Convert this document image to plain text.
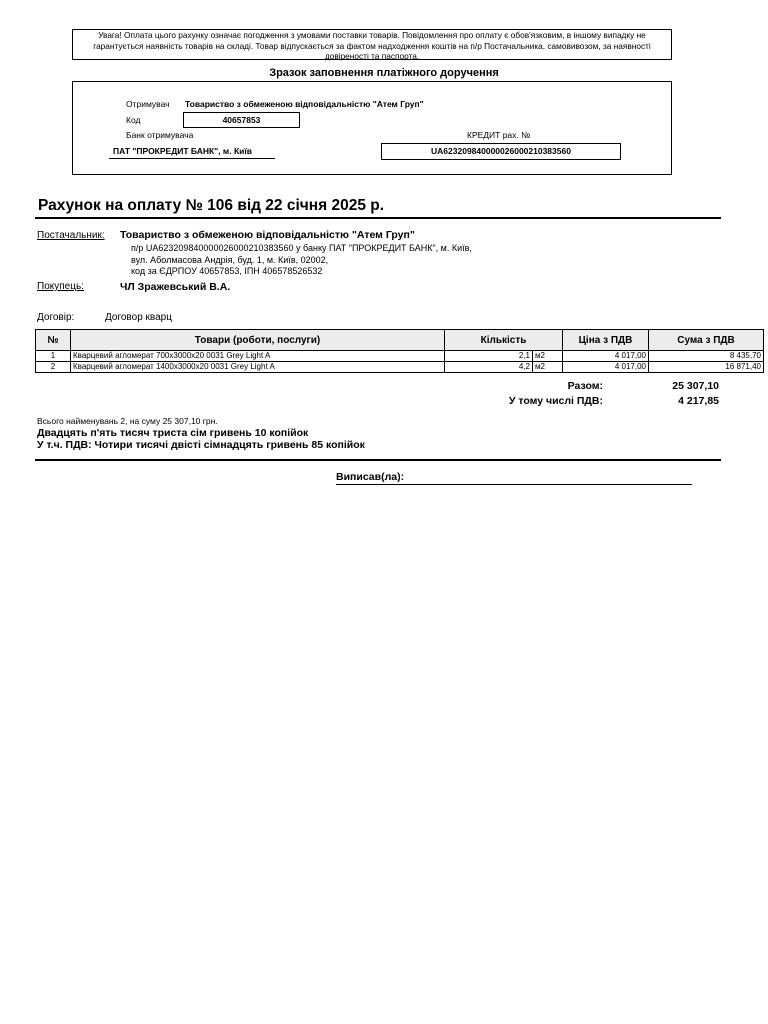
Увага! Оплата цього рахунку означає погодження з умовами поставки товарів. Повідомлення про оплату є обов'язковим, в іншому випадку не
гарантується наявність товарів на складі. Товар відпускається за фактом надходження коштів на п/р Постачальника, самовивозом, за наявності
довіреності та паспорта.
Зразок заповнення платіжного доручення
Отримувач Товариство з обмеженою відповідальністю "Атем Груп"
Код	40657853
Банк отримувача	КРЕДИТ рах. №
ПАТ "ПРОКРЕДИТ БАНК", м. Київ	UA623209840000026000210383560
Рахунок на оплату № 106 від 22 січня 2025 р.
Постачальник: Товариство з обмеженою відповідальністю "Атем Груп"
п/р UA623209840000026000210383560 у банку ПАТ "ПРОКРЕДИТ БАНК", м. Київ,
вул. Аболмасова Андрія, буд. 1, м. Київ, 02002,
код за ЄДРПОУ 40657853, ІПН 406578526532
Покупець:	ЧЛ Зражевський В.А.
Договір:	Договор кварц
№	Товари (роботи, послуги)	Кількість		Ціна з ПДВ	Сума з ПДВ
1	Кварцевий агломерат 700x3000x20 0031 Grey Light A	2,1	м2	4 017,00	8 435,70
2	Кварцевий агломерат 1400x3000x20 0031 Grey Light A	4,2	м2	4 017,00	16 871,40
Разом:	25 307,10
У тому числі ПДВ:	4 217,85
Всього найменувань 2, на суму 25 307,10 грн.
Двадцять п'ять тисяч триста сім гривень 10 копійок
У т.ч. ПДВ: Чотири тисячі двісті сімнадцять гривень 85 копійок
Виписав(ла):
